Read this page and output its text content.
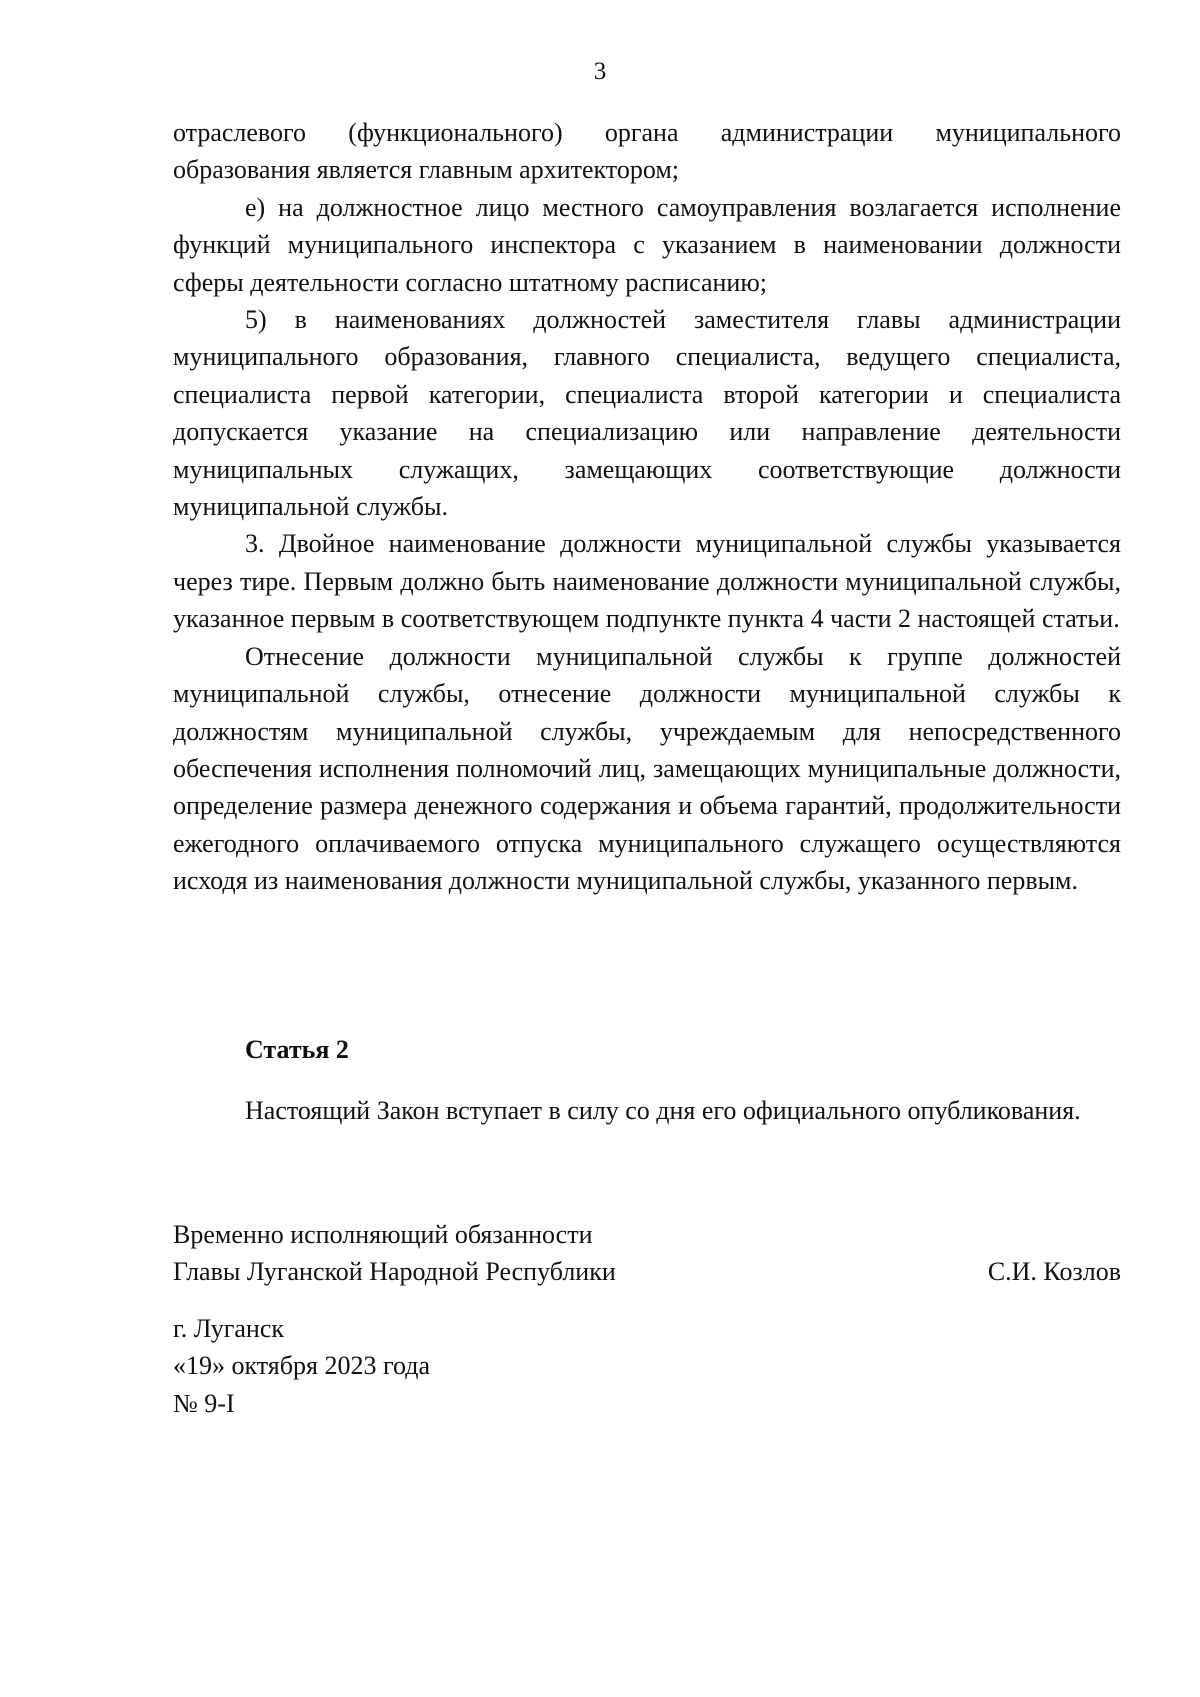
3

отраслевого (функционального) органа администрации муниципального образования является главным архитектором;

е) на должностное лицо местного самоуправления возлагается исполнение функций муниципального инспектора с указанием в наименовании должности сферы деятельности согласно штатному расписанию;

5) в наименованиях должностей заместителя главы администрации муниципального образования, главного специалиста, ведущего специалиста, специалиста первой категории, специалиста второй категории и специалиста допускается указание на специализацию или направление деятельности муниципальных служащих, замещающих соответствующие должности муниципальной службы.

3. Двойное наименование должности муниципальной службы указывается через тире. Первым должно быть наименование должности муниципальной службы, указанное первым в соответствующем подпункте пункта 4 части 2 настоящей статьи.

Отнесение должности муниципальной службы к группе должностей муниципальной службы, отнесение должности муниципальной службы к должностям муниципальной службы, учреждаемым для непосредственного обеспечения исполнения полномочий лиц, замещающих муниципальные должности, определение размера денежного содержания и объема гарантий, продолжительности ежегодного оплачиваемого отпуска муниципального служащего осуществляются исходя из наименования должности муниципальной службы, указанного первым.

Статья 2

Настоящий Закон вступает в силу со дня его официального опубликования.

Временно исполняющий обязанности
Главы Луганской Народной Республики	С.И. Козлов
г. Луганск
«19» октября 2023 года
№ 9-I
